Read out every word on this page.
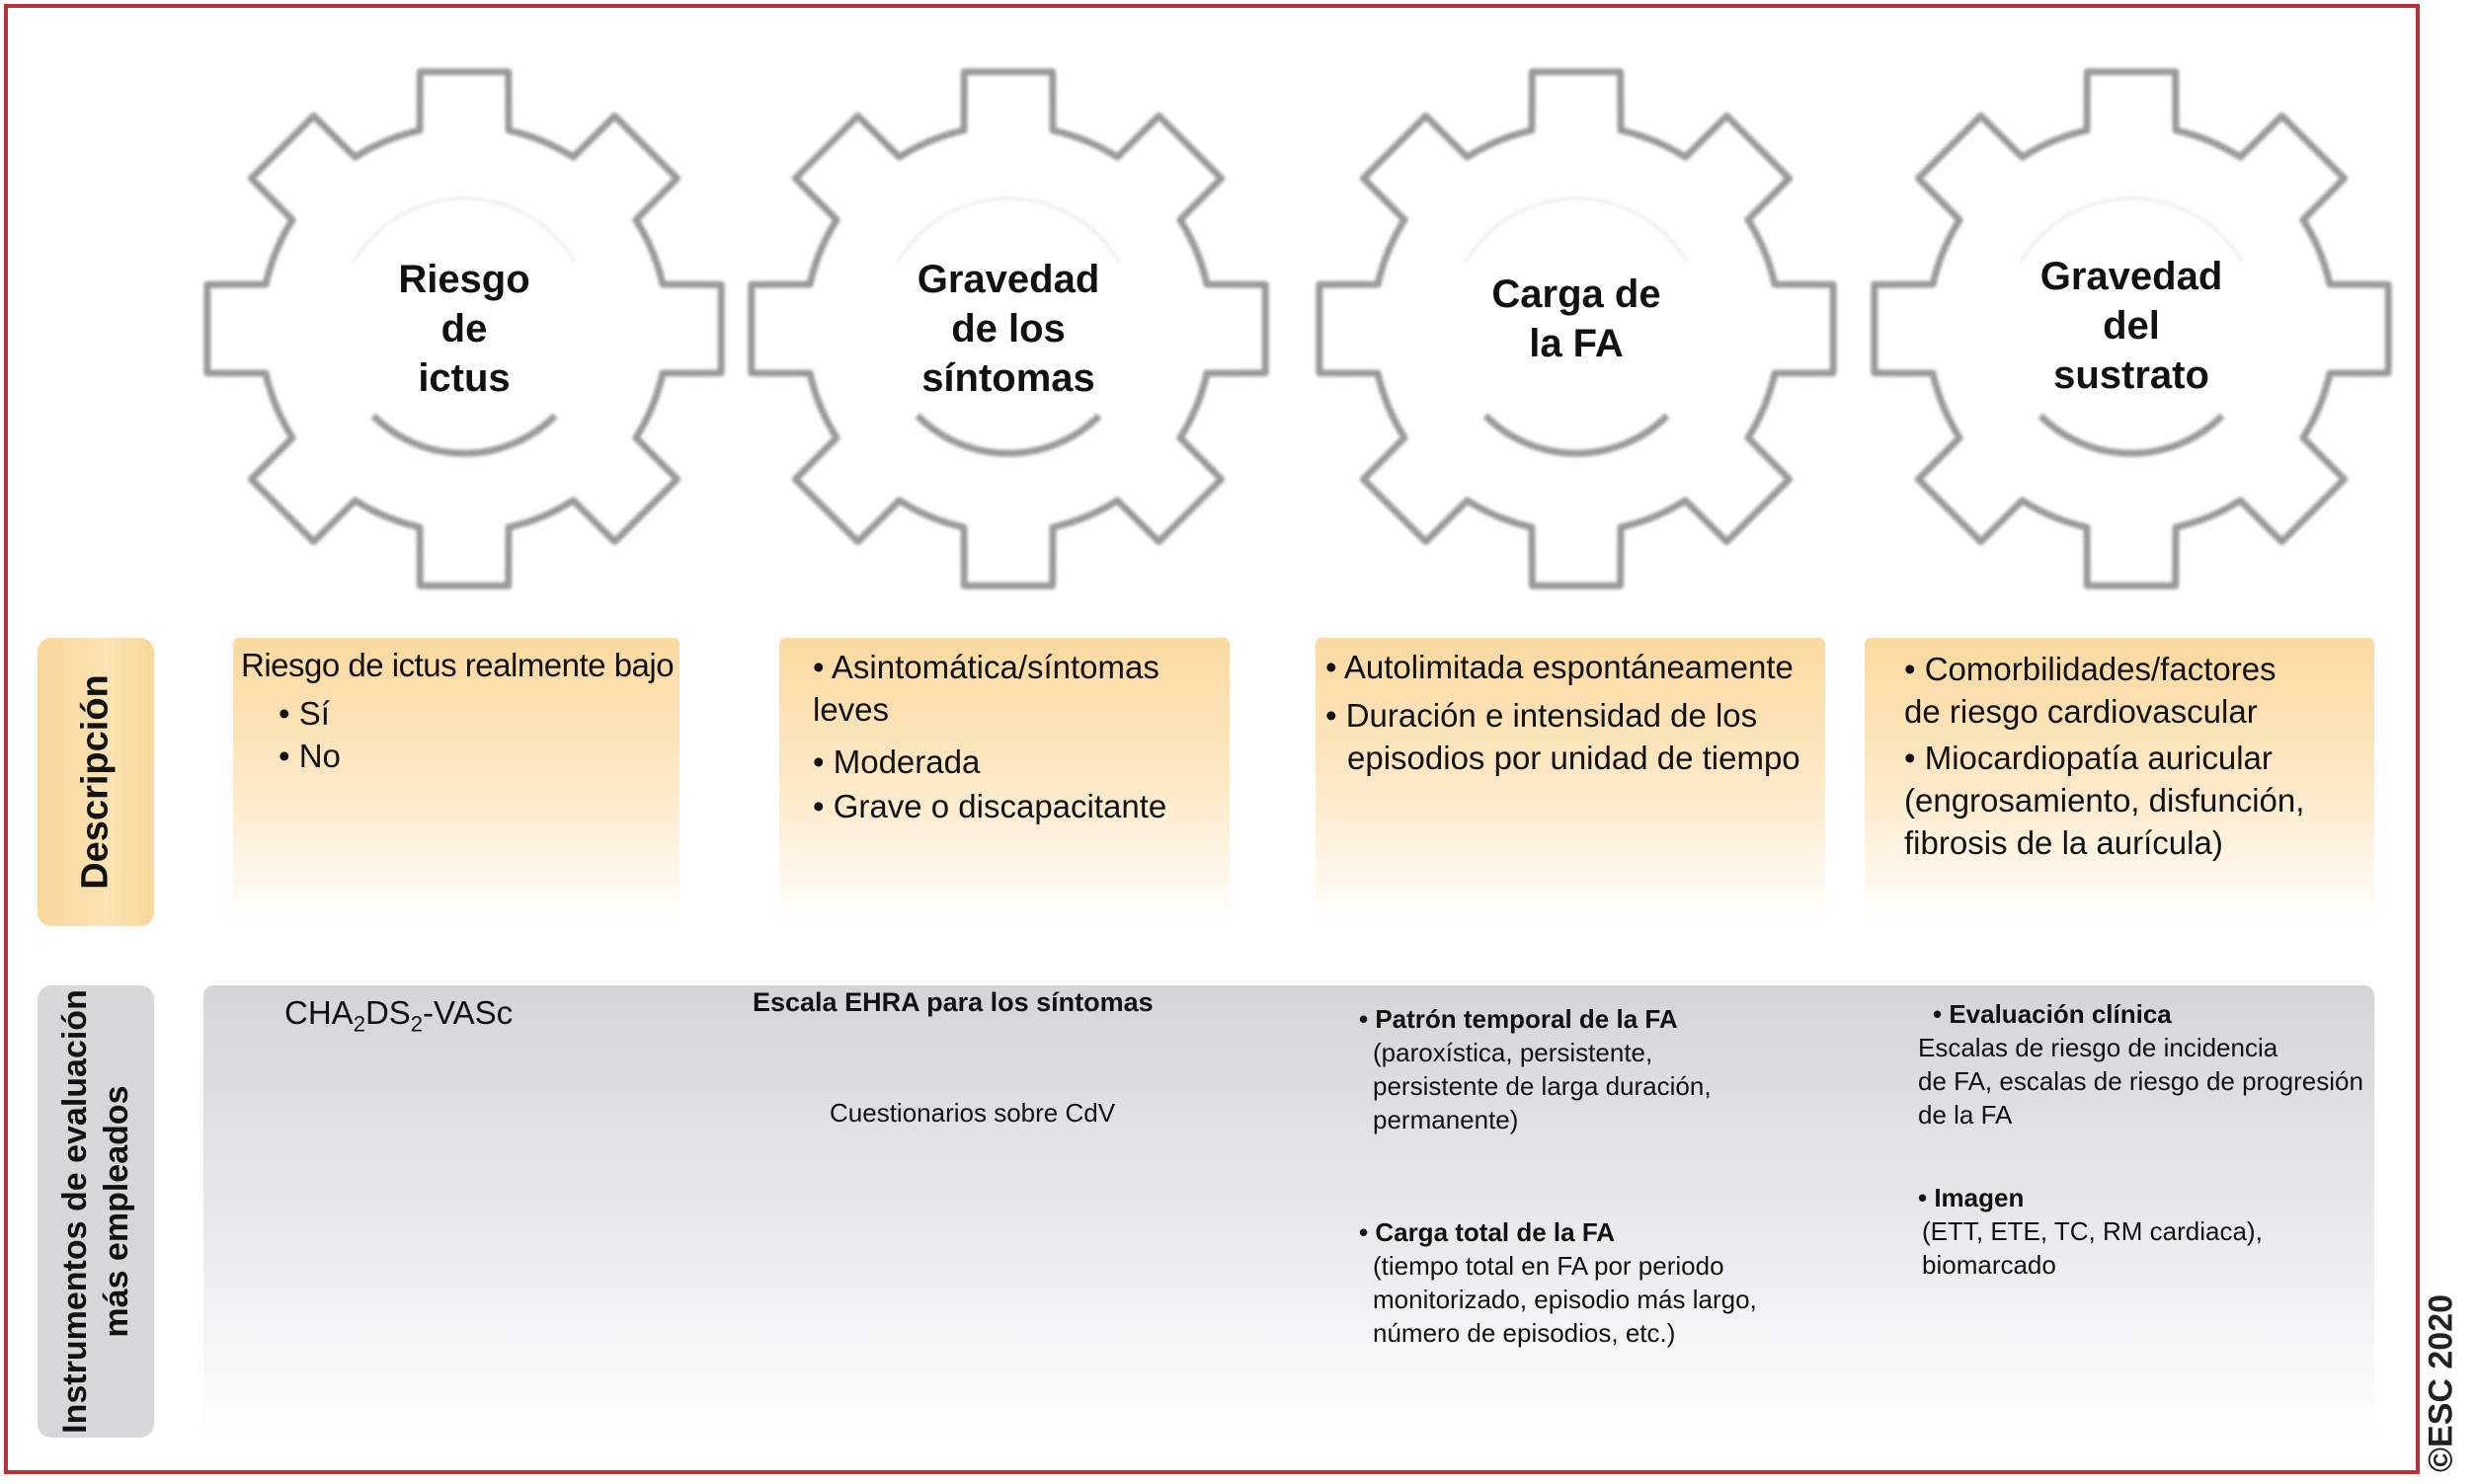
Riesgo
de
ictus
Gravedad
de los
síntomas
Carga de
la FA
Gravedad
del
sustrato
Descripción
Instrumentos de evaluación más empleados

Riesgo de ictus realmente bajo

• Sí

• No

• Asintomática/síntomas

leves

• Moderada

• Grave o discapacitante

• Autolimitada espontáneamente

• Duración e intensidad de los

episodios por unidad de tiempo

• Comorbilidades/factores

de riesgo cardiovascular

• Miocardiopatía auricular

(engrosamiento, disfunción,

fibrosis de la aurícula)

$CHA_2DS_2$-VASc	Escala EHRA para los síntomas
Cuestionarios sobre CdV
• Patrón temporal de la FA
(paroxística, persistente,
persistente de larga duración,
permanente)
• Carga total de la FA
(tiempo total en FA por periodo
monitorizado, episodio más largo,
número de episodios, etc.)
• Evaluación clínica
Escalas de riesgo de incidencia
de FA, escalas de riesgo de progresión
de la FA
• Imagen
(ETT, ETE, TC, RM cardiaca),
biomarcado
©ESC 2020
